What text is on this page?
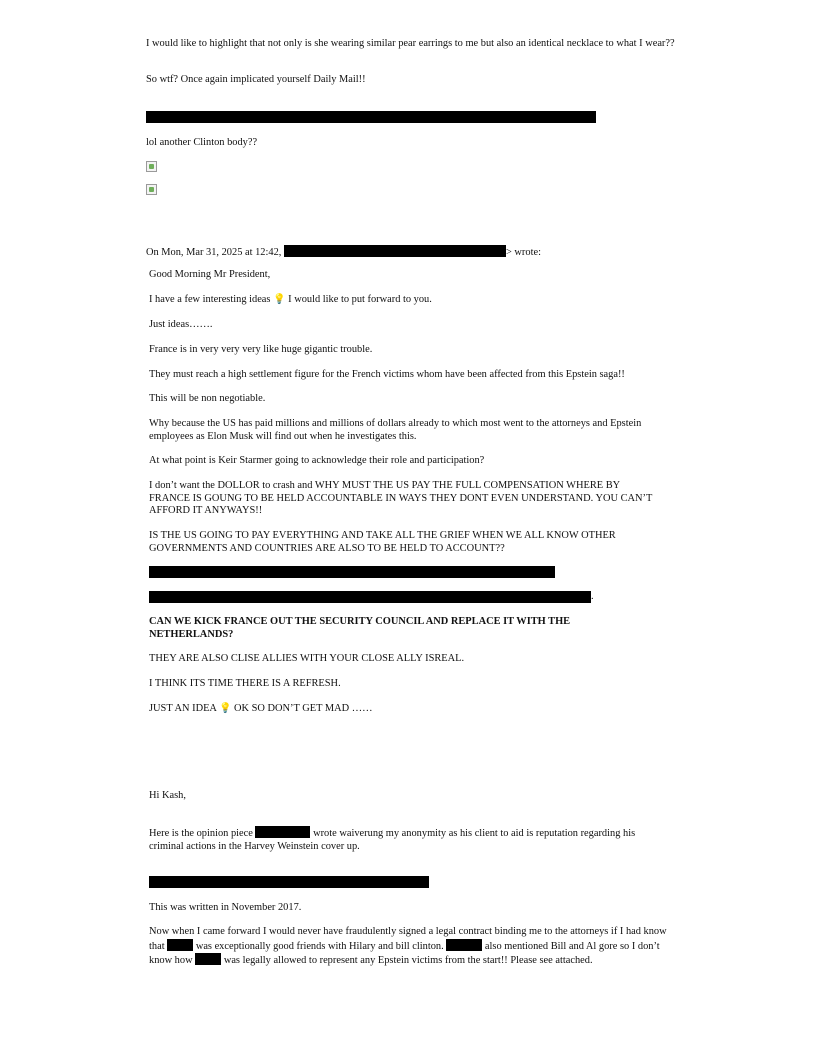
I would like to highlight that not only is she wearing similar pear earrings to me but also an identical necklace to what I wear??

So wtf? Once again implicated yourself Daily Mail!!

lol another Clinton body??

On Mon, Mar 31, 2025 at 12:42,	> wrote:

Good Morning Mr President,

I have a few interesting ideas 💡 I would like to put forward to you.

Just ideas…….

France is in very very very like huge gigantic trouble.

They must reach a high settlement figure for the French victims whom have been affected from this Epstein saga!!

This will be non negotiable.

Why because the US has paid millions and millions of dollars already to which most went to the attorneys and Epstein employees as Elon Musk will find out when he investigates this.

At what point is Keir Starmer going to acknowledge their role and participation?

I don’t want the DOLLOR to crash and WHY MUST THE US PAY THE FULL COMPENSATION WHERE BY FRANCE IS GOUNG TO BE HELD ACCOUNTABLE IN WAYS THEY DONT EVEN UNDERSTAND. YOU CAN’T AFFORD IT ANYWAYS!!

IS THE US GOING TO PAY EVERYTHING AND TAKE ALL THE GRIEF WHEN WE ALL KNOW OTHER GOVERNMENTS AND COUNTRIES ARE ALSO TO BE HELD TO ACCOUNT??

.

CAN WE KICK FRANCE OUT THE SECURITY COUNCIL AND REPLACE IT WITH THE NETHERLANDS?

THEY ARE ALSO CLISE ALLIES WITH YOUR CLOSE ALLY ISREAL.

I THINK ITS TIME THERE IS A REFRESH.

JUST AN IDEA 💡 OK SO DON’T GET MAD ……

Hi Kash,

Here is the opinion piece	wrote waiverung my anonymity as his client to aid is reputation regarding his criminal actions in the Harvey Weinstein cover up.

This was written in November 2017.

Now when I came forward I would never have fraudulently signed a legal contract binding me to the attorneys if I had know that	was exceptionally good friends with Hilary and bill clinton.	also mentioned Bill and Al gore so I don’t know how	was legally allowed to represent any Epstein victims from the start!! Please see attached.
